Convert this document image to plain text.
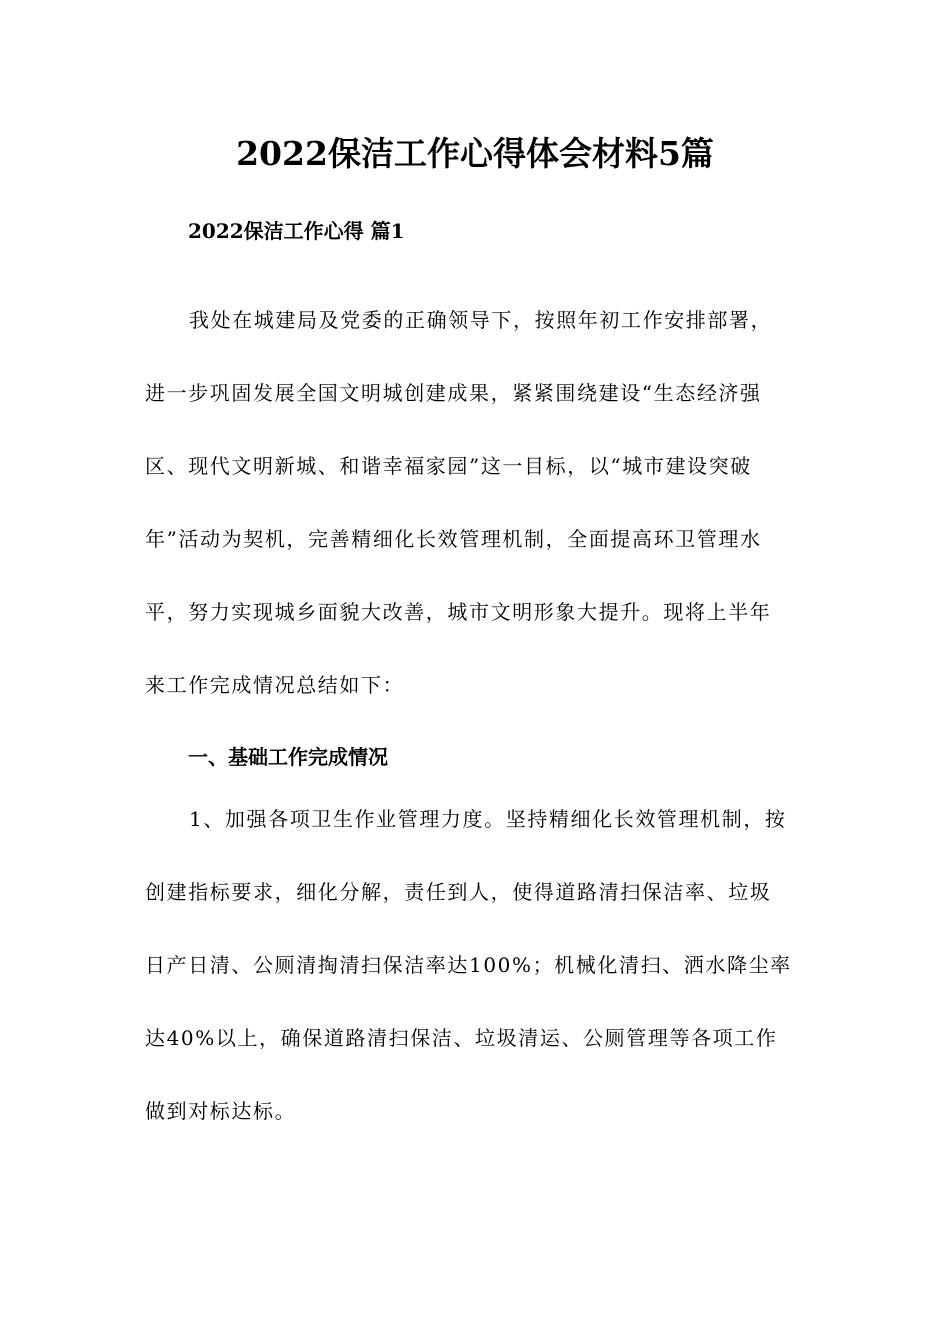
2022保洁工作心得体会材料5篇
2022保洁工作心得 篇1
我处在城建局及党委的正确领导下，按照年初工作安排部署，
进一步巩固发展全国文明城创建成果，紧紧围绕建设“生态经济强
区、现代文明新城、和谐幸福家园”这一目标，以“城市建设突破
年”活动为契机，完善精细化长效管理机制，全面提高环卫管理水
平，努力实现城乡面貌大改善，城市文明形象大提升。现将上半年
来工作完成情况总结如下：
一、基础工作完成情况
1、加强各项卫生作业管理力度。坚持精细化长效管理机制，按
创建指标要求，细化分解，责任到人，使得道路清扫保洁率、垃圾
日产日清、公厕清掏清扫保洁率达100%；机械化清扫、洒水降尘率
达40%以上，确保道路清扫保洁、垃圾清运、公厕管理等各项工作
做到对标达标。
